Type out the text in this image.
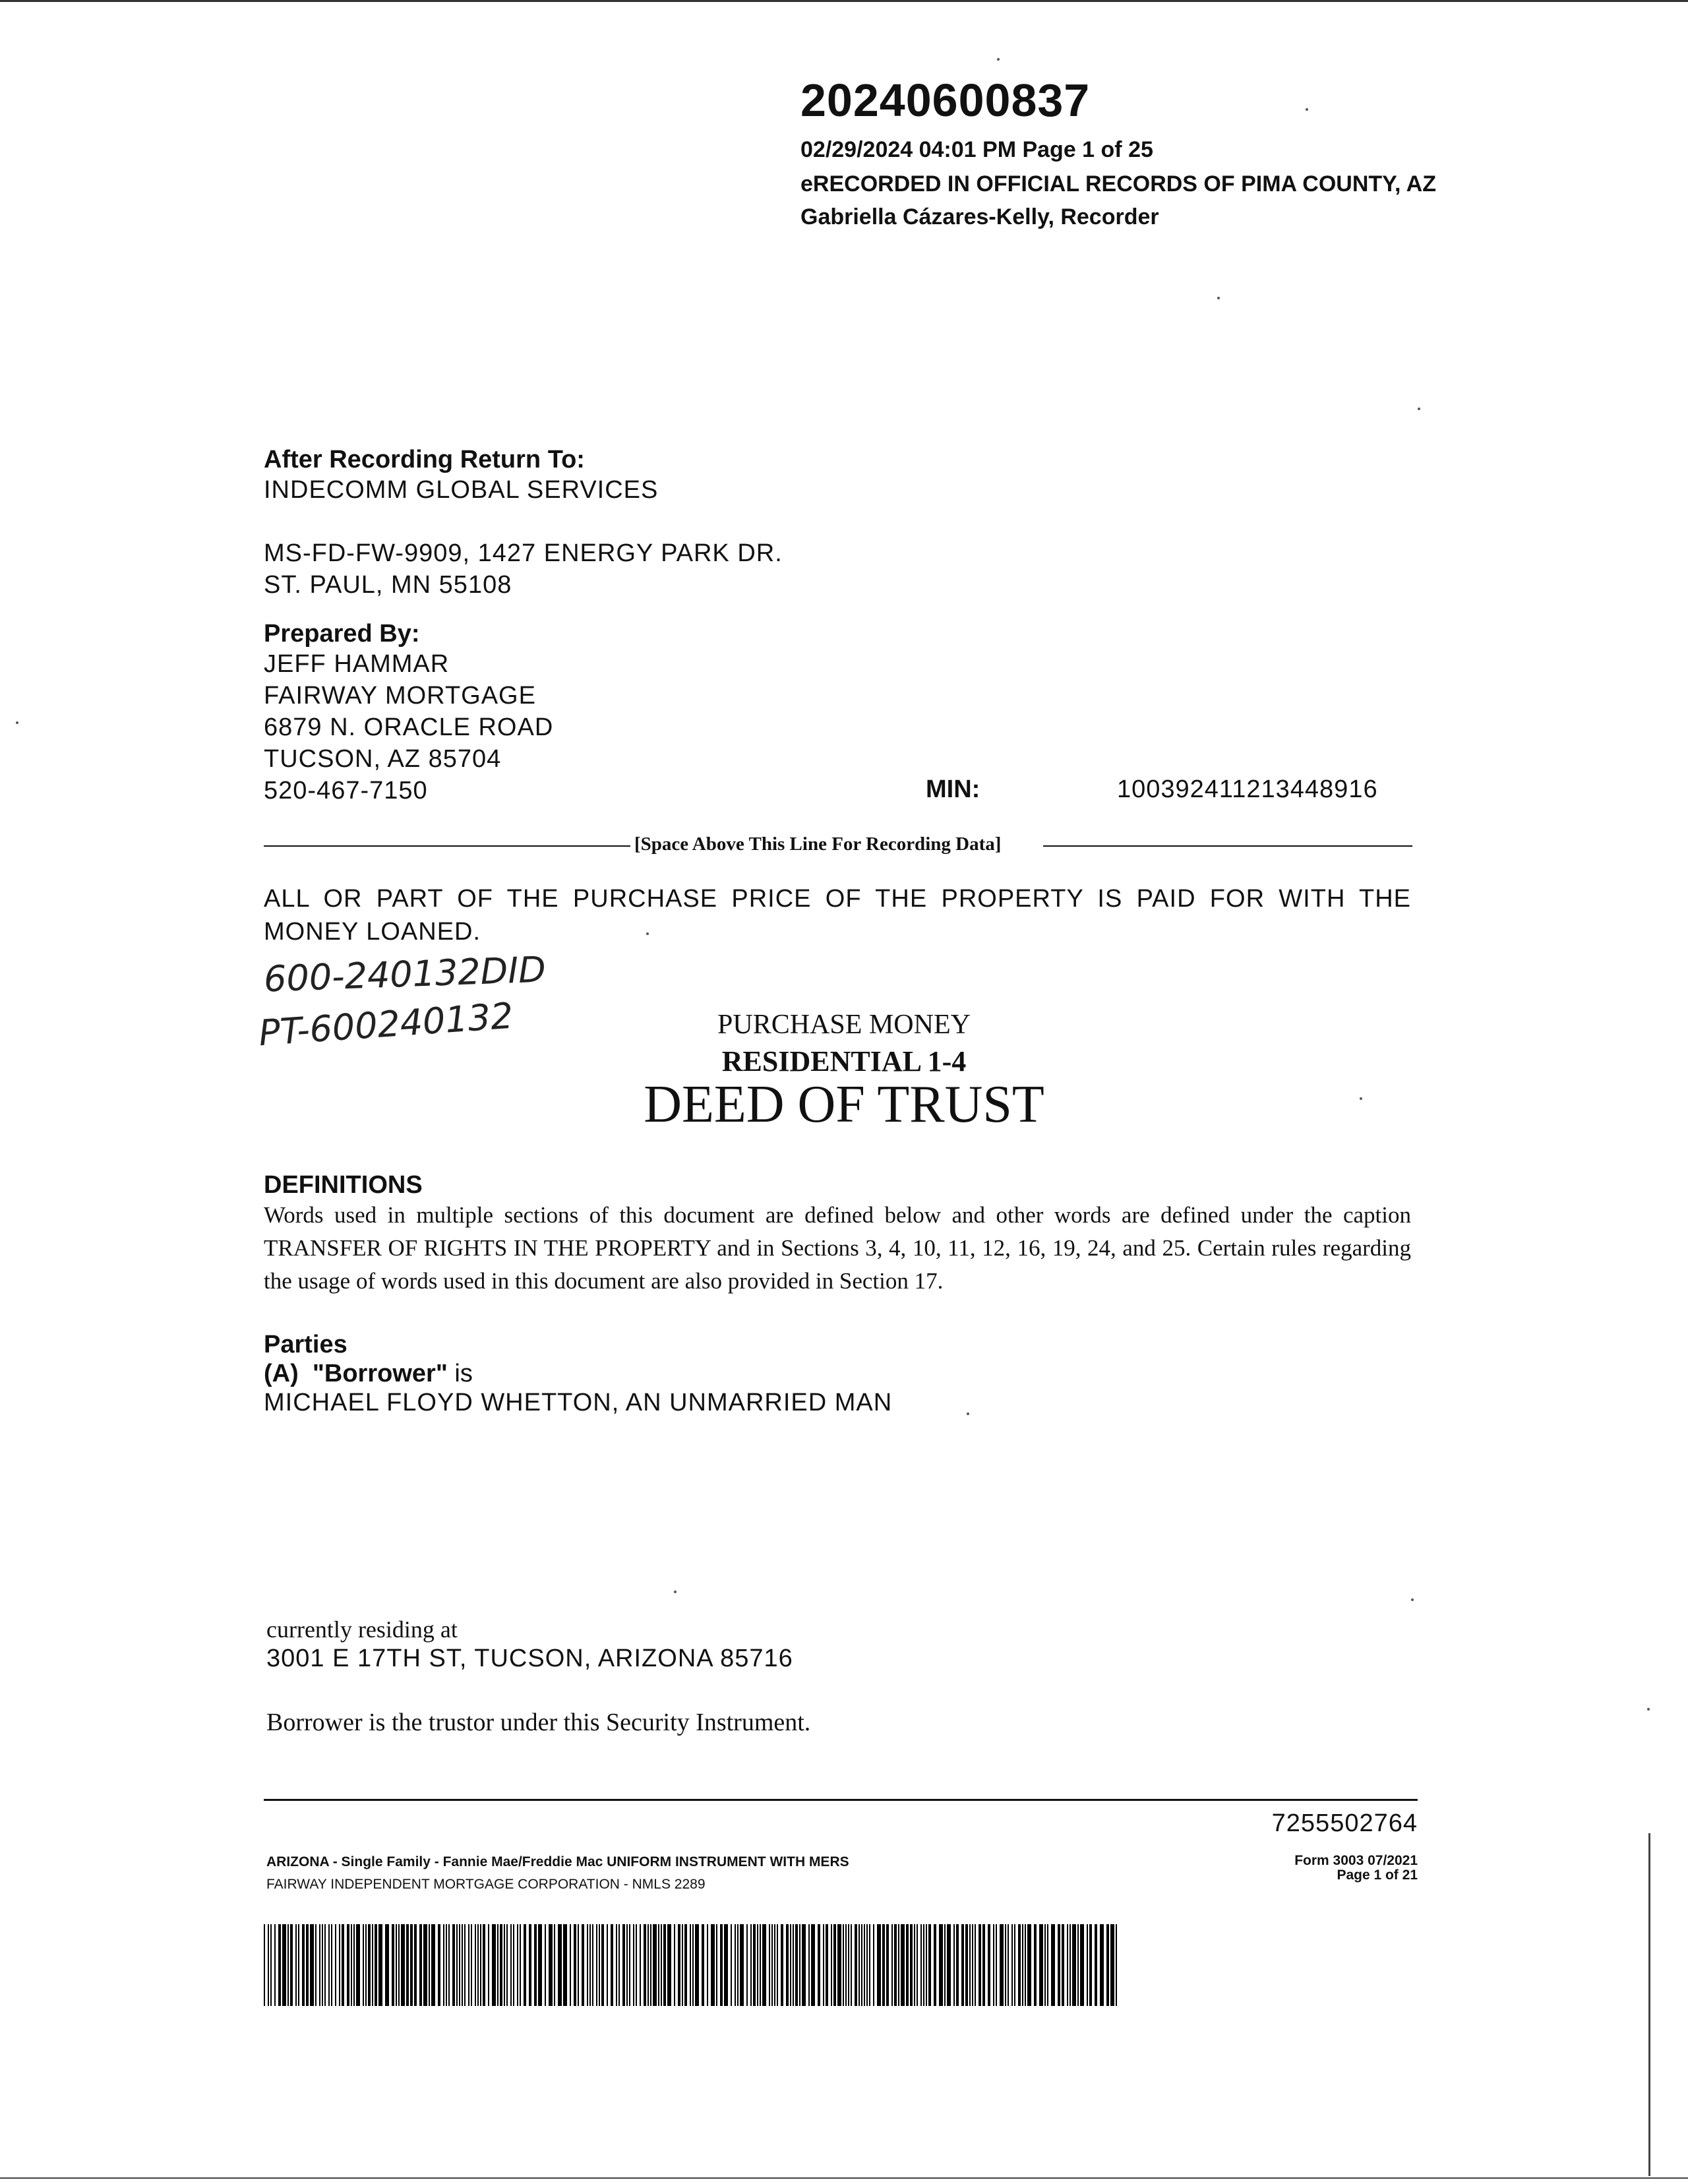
20240600837
02/29/2024 04:01 PM Page 1 of 25
eRECORDED IN OFFICIAL RECORDS OF PIMA COUNTY, AZ
Gabriella Cázares-Kelly, Recorder
After Recording Return To:
INDECOMM GLOBAL SERVICES
MS-FD-FW-9909, 1427 ENERGY PARK DR.
ST. PAUL, MN 55108
Prepared By:
JEFF HAMMAR
FAIRWAY MORTGAGE
6879 N. ORACLE ROAD
TUCSON, AZ 85704
520-467-7150	MIN:	100392411213448916
[Space Above This Line For Recording Data]
ALL OR PART OF THE PURCHASE PRICE OF THE PROPERTY IS PAID FOR WITH THE MONEY LOANED.
600-240132DID
PT-600240132	PURCHASE MONEY
RESIDENTIAL 1-4
DEED OF TRUST
DEFINITIONS
Words used in multiple sections of this document are defined below and other words are defined under the caption TRANSFER OF RIGHTS IN THE PROPERTY and in Sections 3, 4, 10, 11, 12, 16, 19, 24, and 25. Certain rules regarding the usage of words used in this document are also provided in Section 17.
Parties
(A) "Borrower" is
MICHAEL FLOYD WHETTON, AN UNMARRIED MAN
currently residing at
3001 E 17TH ST, TUCSON, ARIZONA 85716
Borrower is the trustor under this Security Instrument.
7255502764
ARIZONA - Single Family - Fannie Mae/Freddie Mac UNIFORM INSTRUMENT WITH MERS
FAIRWAY INDEPENDENT MORTGAGE CORPORATION - NMLS 2289
Form 3003 07/2021
Page 1 of 21
